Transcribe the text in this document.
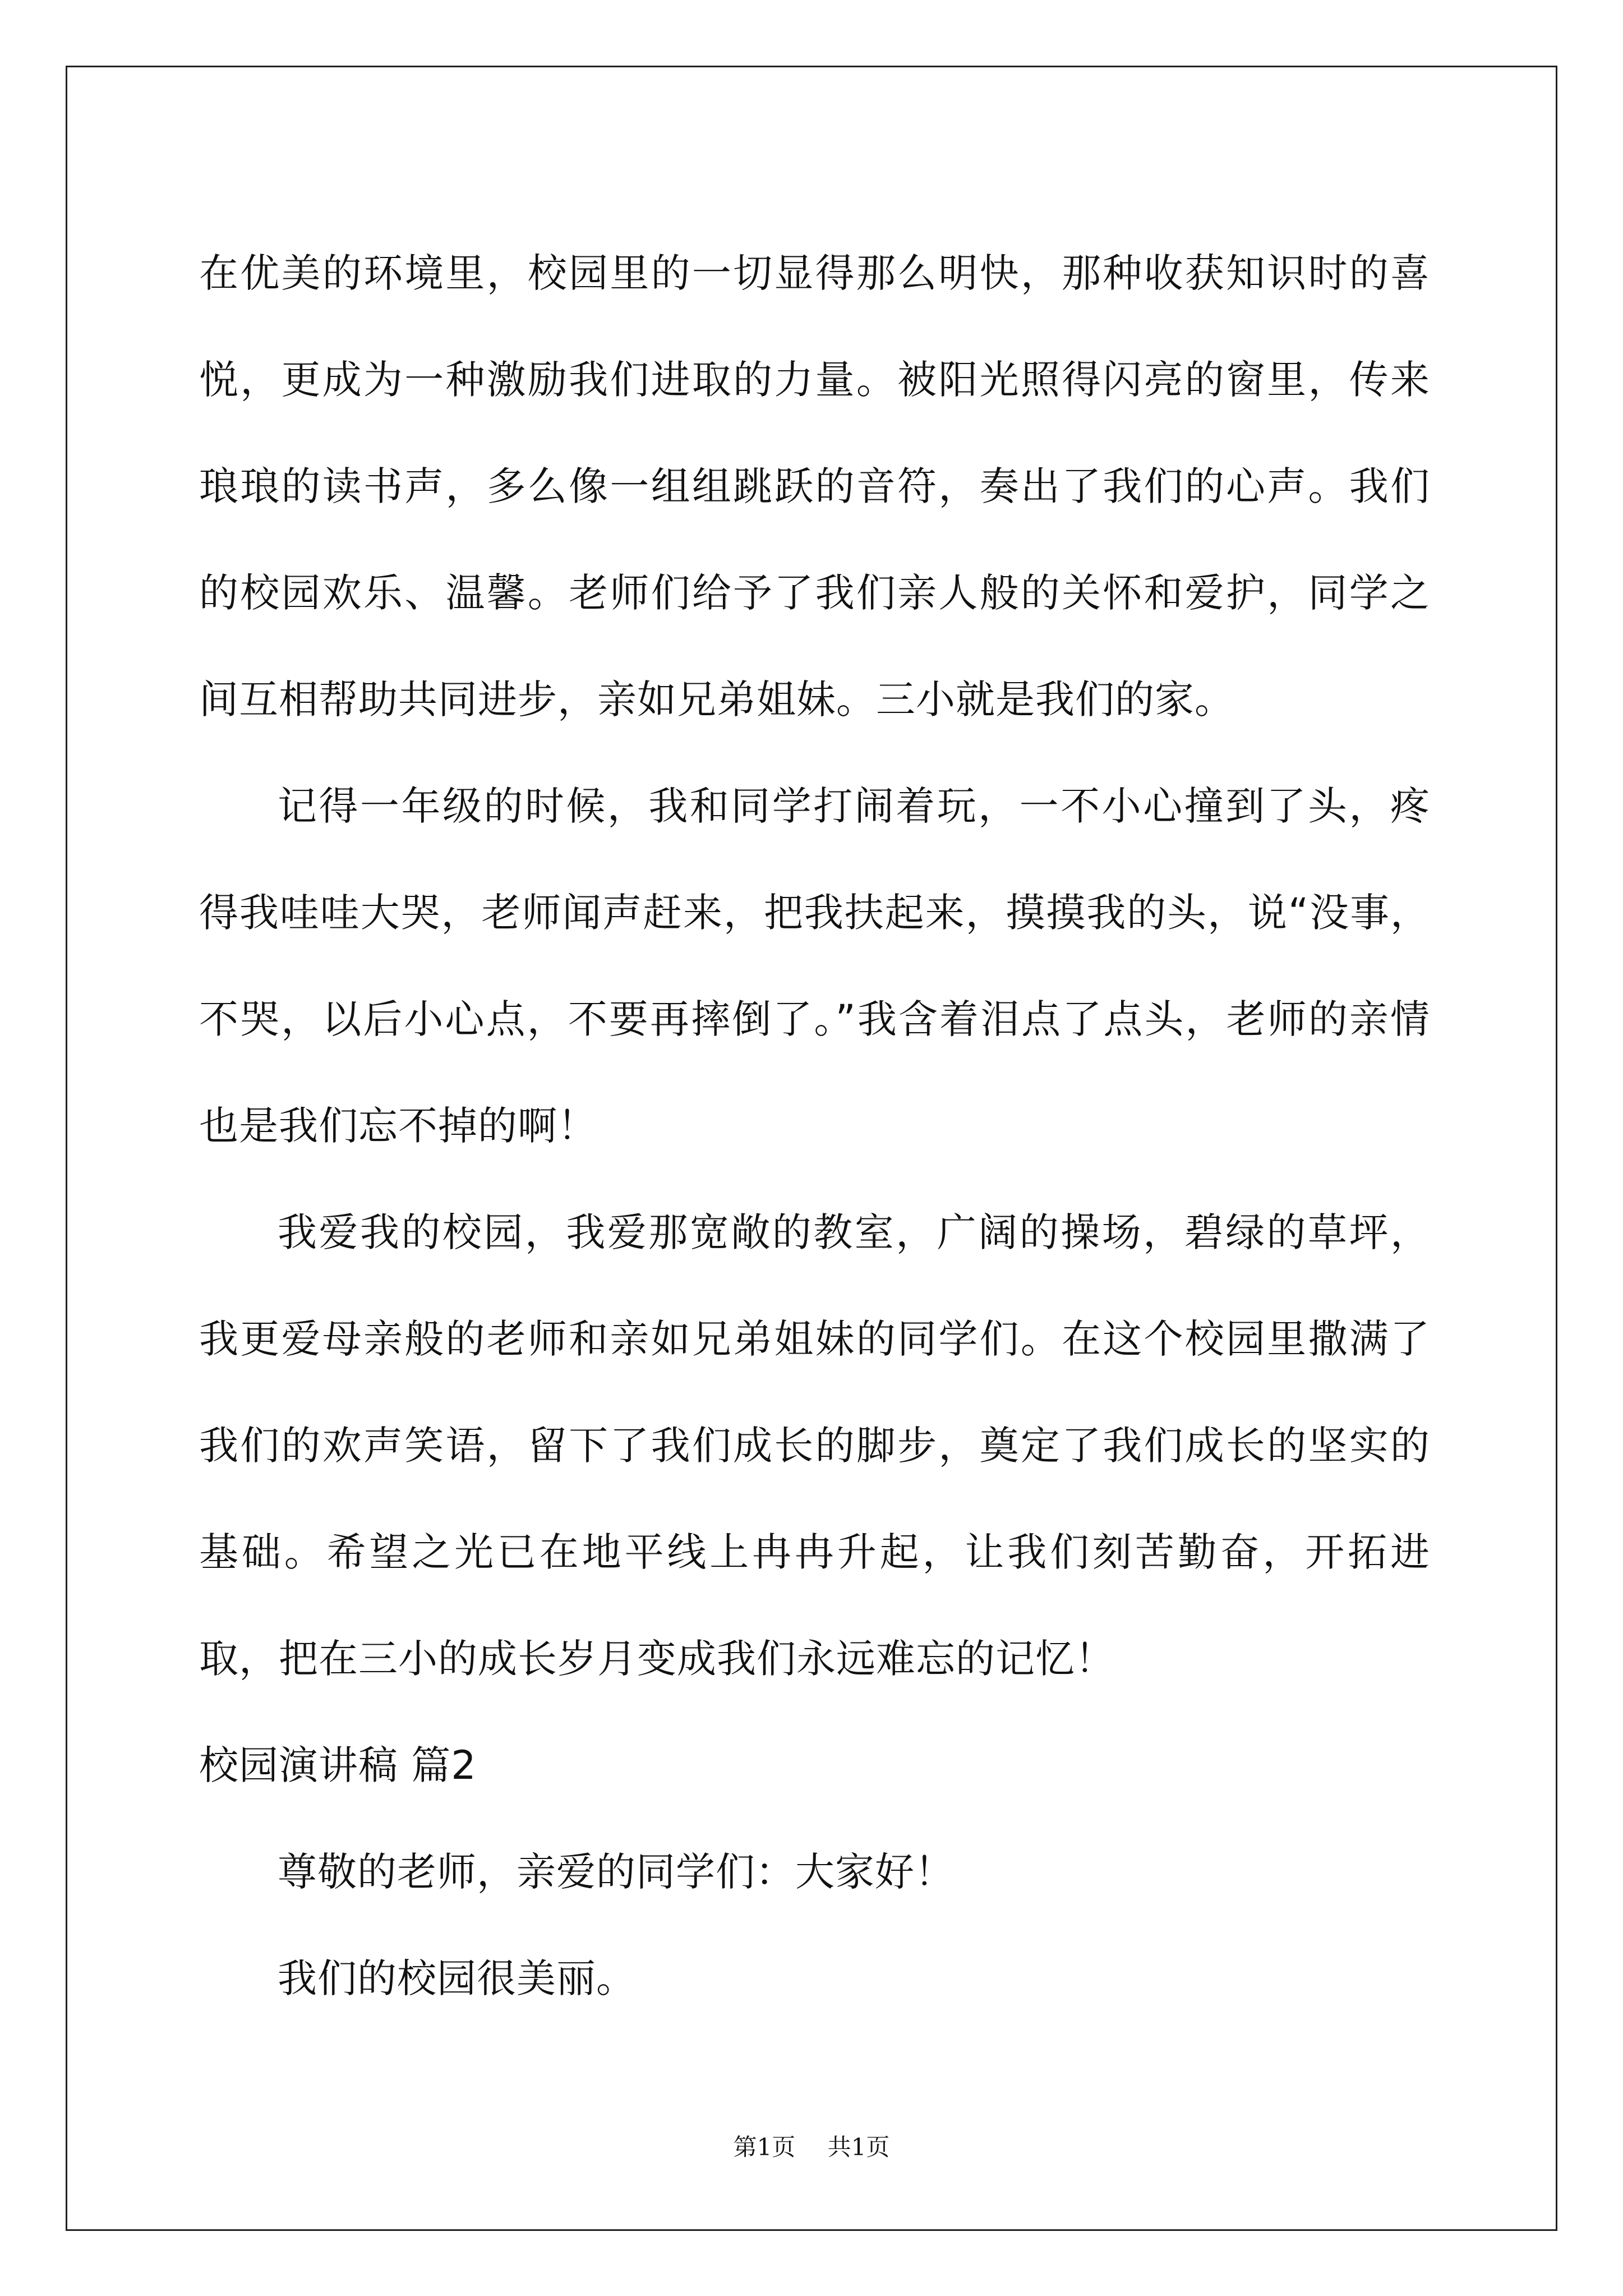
在优美的环境里，校园里的一切显得那么明快，那种收获知识时的喜悦，更成为一种激励我们进取的力量。被阳光照得闪亮的窗里，传来琅琅的读书声，多么像一组组跳跃的音符，奏出了我们的心声。我们的校园欢乐、温馨。老师们给予了我们亲人般的关怀和爱护，同学之间互相帮助共同进步，亲如兄弟姐妹。三小就是我们的家。

记得一年级的时候，我和同学打闹着玩，一不小心撞到了头，疼得我哇哇大哭，老师闻声赶来，把我扶起来，摸摸我的头，说“没事，不哭，以后小心点，不要再摔倒了。”我含着泪点了点头，老师的亲情也是我们忘不掉的啊！

我爱我的校园，我爱那宽敞的教室，广阔的操场，碧绿的草坪，我更爱母亲般的老师和亲如兄弟姐妹的同学们。在这个校园里撒满了我们的欢声笑语，留下了我们成长的脚步，奠定了我们成长的坚实的基础。希望之光已在地平线上冉冉升起，让我们刻苦勤奋，开拓进取，把在三小的成长岁月变成我们永远难忘的记忆！

校园演讲稿 篇2

尊敬的老师，亲爱的同学们：大家好！

我们的校园很美丽。

第1页 共1页
